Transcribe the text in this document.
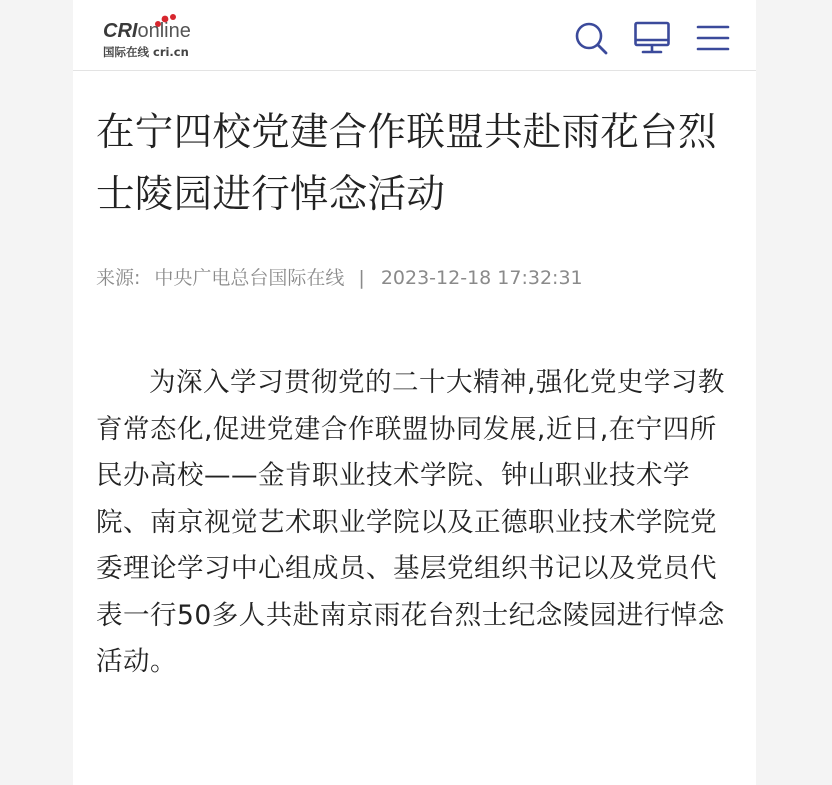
CRIonline
国际在线 cri.cn
在宁四校党建合作联盟共赴雨花台烈士陵园进行悼念活动
来源: 中央广电总台国际在线 | 2023-12-18 17:32:31

为深入学习贯彻党的二十大精神,强化党史学习教育常态化,促进党建合作联盟协同发展,近日,在宁四所民办高校——金肯职业技术学院、钟山职业技术学院、南京视觉艺术职业学院以及正德职业技术学院党委理论学习中心组成员、基层党组织书记以及党员代表一行50多人共赴南京雨花台烈士纪念陵园进行悼念活动。
